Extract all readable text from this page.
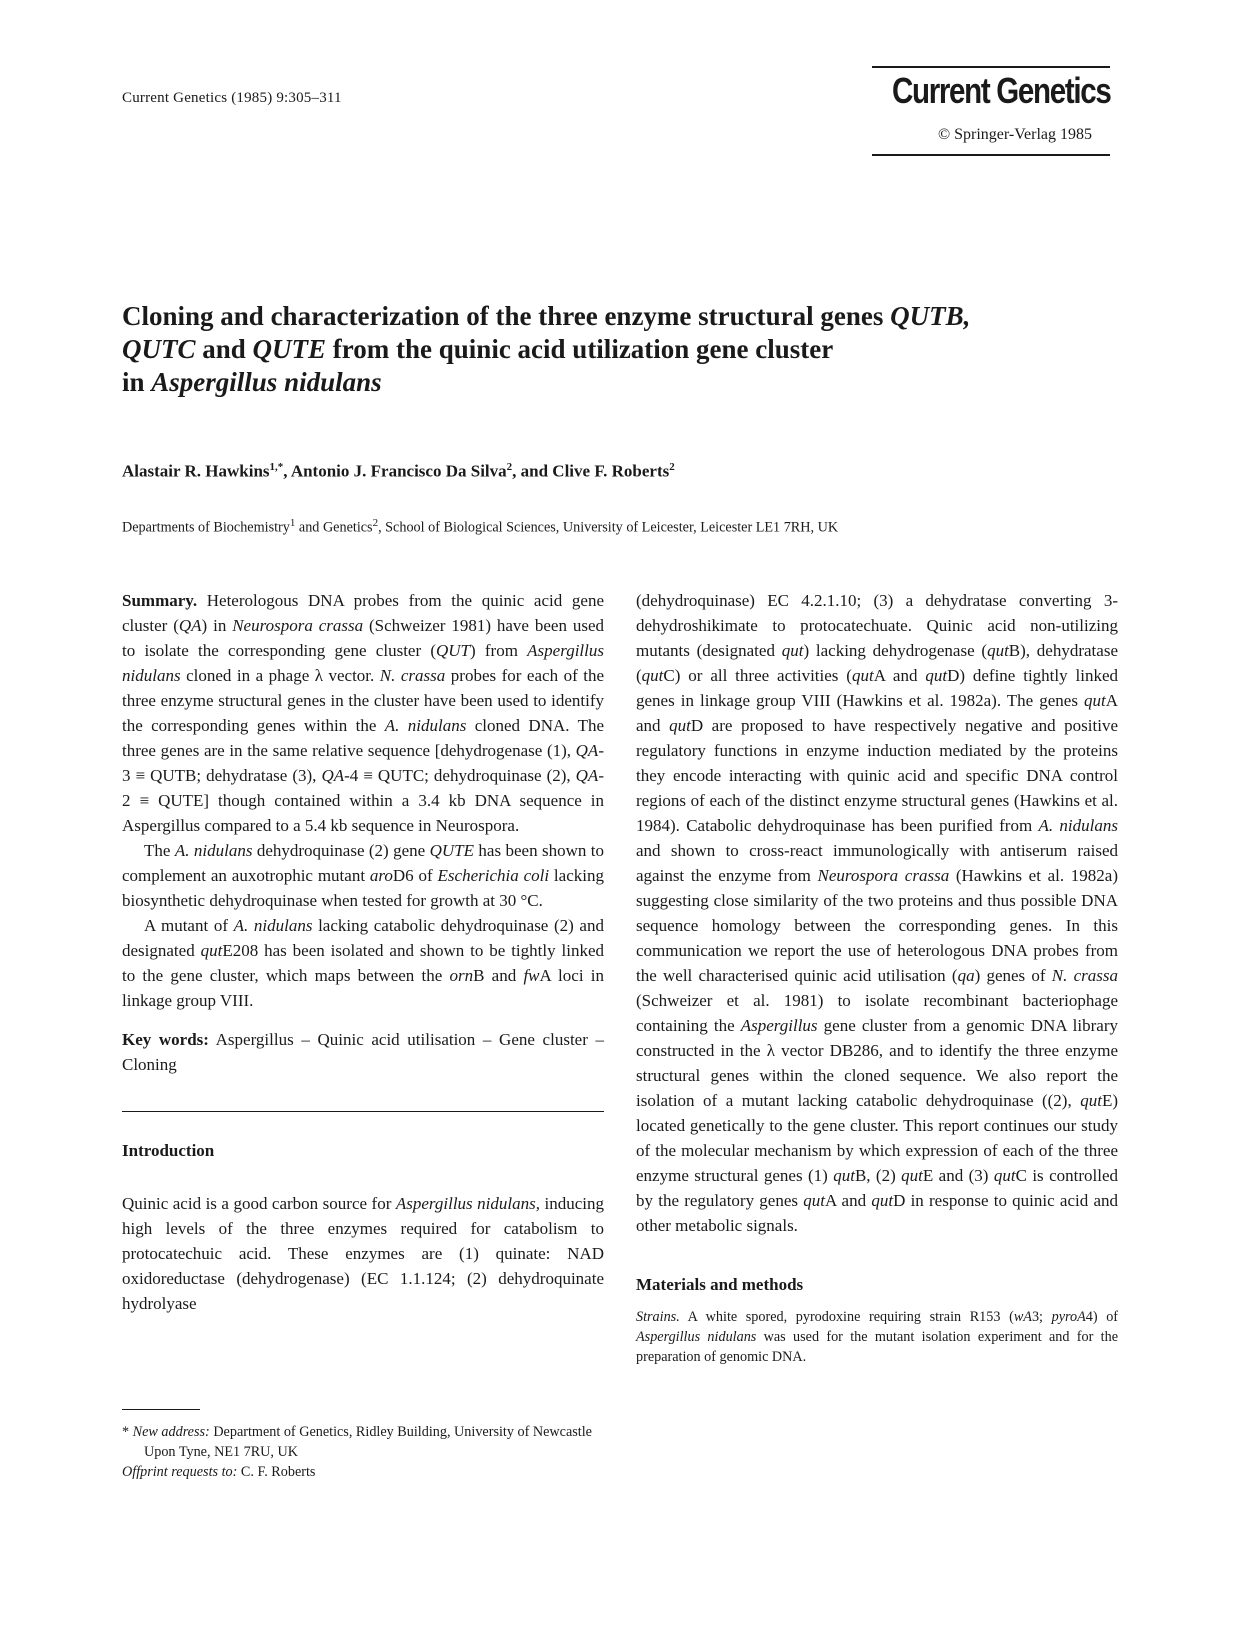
Current Genetics (1985) 9:305–311	Current Genetics
© Springer-Verlag 1985
Cloning and characterization of the three enzyme structural genes QUTB,
QUTC and QUTE from the quinic acid utilization gene cluster
in Aspergillus nidulans
Alastair R. Hawkins$^{1,*}$, Antonio J. Francisco Da Silva$^2$, and Clive F. Roberts$^2$
Departments of Biochemistry$^1$ and Genetics$^2$, School of Biological Sciences, University of Leicester, Leicester LE1 7RH, UK

Summary. Heterologous DNA probes from the quinic acid gene cluster (QA) in Neurospora crassa (Schweizer 1981) have been used to isolate the corresponding gene cluster (QUT) from Aspergillus nidulans cloned in a phage λ vector. N. crassa probes for each of the three enzyme structural genes in the cluster have been used to identify the corresponding genes within the A. nidulans cloned DNA. The three genes are in the same relative sequence [dehydrogenase (1), QA-3 ≡ QUTB; dehydratase (3), QA-4 ≡ QUTC; dehydroquinase (2), QA-2 ≡ QUTE] though contained within a 3.4 kb DNA sequence in Aspergillus compared to a 5.4 kb sequence in Neurospora.

The A. nidulans dehydroquinase (2) gene QUTE has been shown to complement an auxotrophic mutant aroD6 of Escherichia coli lacking biosynthetic dehydroquinase when tested for growth at 30 °C.

A mutant of A. nidulans lacking catabolic dehydroquinase (2) and designated qutE208 has been isolated and shown to be tightly linked to the gene cluster, which maps between the ornB and fwA loci in linkage group VIII.

Key words: Aspergillus – Quinic acid utilisation – Gene cluster – Cloning

Introduction

Quinic acid is a good carbon source for Aspergillus nidulans, inducing high levels of the three enzymes required for catabolism to protocatechuic acid. These enzymes are (1) quinate: NAD oxidoreductase (dehydrogenase) (EC 1.1.124; (2) dehydroquinate hydrolyase

* New address: Department of Genetics, Ridley Building, University of Newcastle Upon Tyne, NE1 7RU, UK

Offprint requests to: C. F. Roberts

(dehydroquinase) EC 4.2.1.10; (3) a dehydratase converting 3-dehydroshikimate to protocatechuate. Quinic acid non-utilizing mutants (designated qut) lacking dehydrogenase (qutB), dehydratase (qutC) or all three activities (qutA and qutD) define tightly linked genes in linkage group VIII (Hawkins et al. 1982a). The genes qutA and qutD are proposed to have respectively negative and positive regulatory functions in enzyme induction mediated by the proteins they encode interacting with quinic acid and specific DNA control regions of each of the distinct enzyme structural genes (Hawkins et al. 1984). Catabolic dehydroquinase has been purified from A. nidulans and shown to cross-react immunologically with antiserum raised against the enzyme from Neurospora crassa (Hawkins et al. 1982a) suggesting close similarity of the two proteins and thus possible DNA sequence homology between the corresponding genes. In this communication we report the use of heterologous DNA probes from the well characterised quinic acid utilisation (qa) genes of N. crassa (Schweizer et al. 1981) to isolate recombinant bacteriophage containing the Aspergillus gene cluster from a genomic DNA library constructed in the λ vector DB286, and to identify the three enzyme structural genes within the cloned sequence. We also report the isolation of a mutant lacking catabolic dehydroquinase ((2), qutE) located genetically to the gene cluster. This report continues our study of the molecular mechanism by which expression of each of the three enzyme structural genes (1) qutB, (2) qutE and (3) qutC is controlled by the regulatory genes qutA and qutD in response to quinic acid and other metabolic signals.

Materials and methods

Strains. A white spored, pyrodoxine requiring strain R153 (wA3; pyroA4) of Aspergillus nidulans was used for the mutant isolation experiment and for the preparation of genomic DNA.
